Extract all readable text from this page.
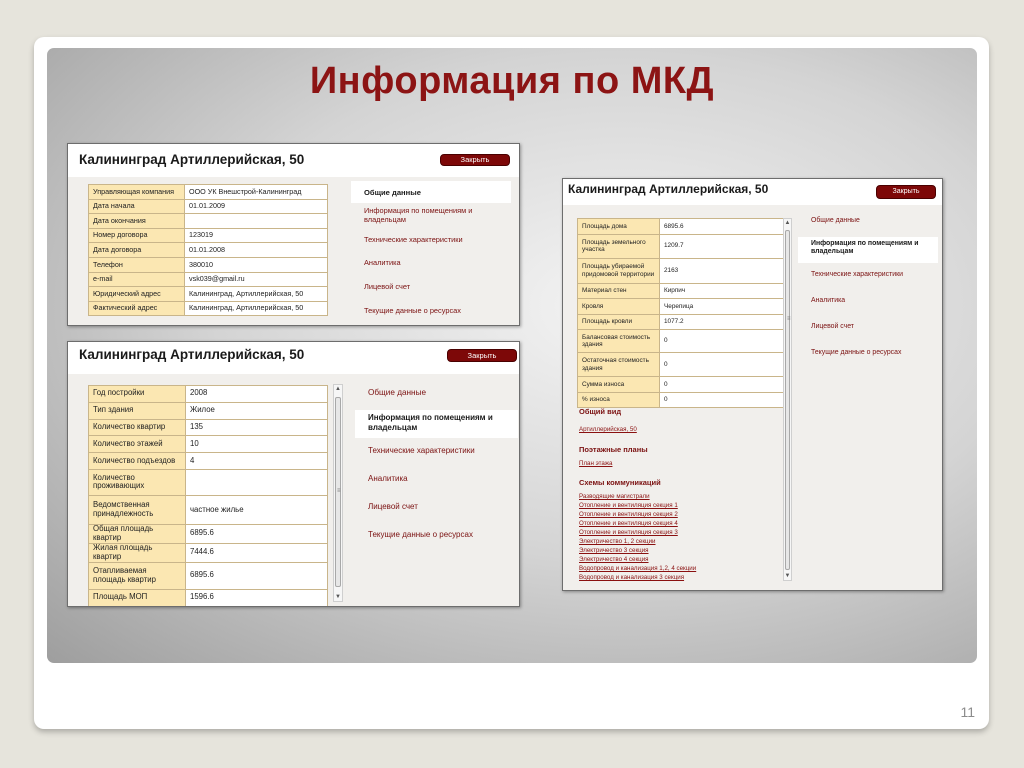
Информация по МКД
11
Калининград Артиллерийская, 50	Закрыть
Управляющая компания	ООО УК Внешстрой-Калининград
Дата начала	01.01.2009
Дата окончания	
Номер договора	123019
Дата договора	01.01.2008
Телефон	380010
e-mail	vsk039@gmail.ru
Юридический адрес	Калининград, Артиллерийская, 50
Фактический адрес	Калининград, Артиллерийская, 50
Общие данные
Информация по помещениям и владельцам
Технические характеристики
Аналитика
Лицевой счет
Текущие данные о ресурсах
Калининград Артиллерийская, 50	Закрыть
Год постройки	2008
Тип здания	Жилое
Количество квартир	135
Количество этажей	10
Количество подъездов	4
Количество проживающих	
Ведомственная принадлежность	частное жилье
Общая площадь квартир	6895.6
Жилая площадь квартир	7444.6
Отапливаемая площадь квартир	6895.6
Площадь МОП	1596.6
▲
≡
▼
Общие данные
Информация по помещениям и владельцам
Технические характеристики
Аналитика
Лицевой счет
Текущие данные о ресурсах
Калининград Артиллерийская, 50	Закрыть
Площадь дома	6895.6
Площадь земельного участка	1209.7
Площадь убираемой придомовой территории	2163
Материал стен	Кирпич
Кровля	Черепица
Площадь кровли	1077.2
Балансовая стоимость здания	0
Остаточная стоимость здания	0
Сумма износа	0
% износа	0
Общий вид
Артиллерийская, 50
Поэтажные планы
План этажа
Схемы коммуникаций
Разводящие магистрали
Отопление и вентиляция секция 1
Отопление и вентиляция секция 2
Отопление и вентиляция секция 4
Отопление и вентиляция секция 3
Электричество 1, 2 секции
Электричество 3 секция
Электричество 4 секция
Водопровод и канализация 1,2, 4 секции
Водопровод и канализация 3 секция
▲
≡
▼
Общие данные
Информация по помещениям и владельцам
Технические характеристики
Аналитика
Лицевой счет
Текущие данные о ресурсах
